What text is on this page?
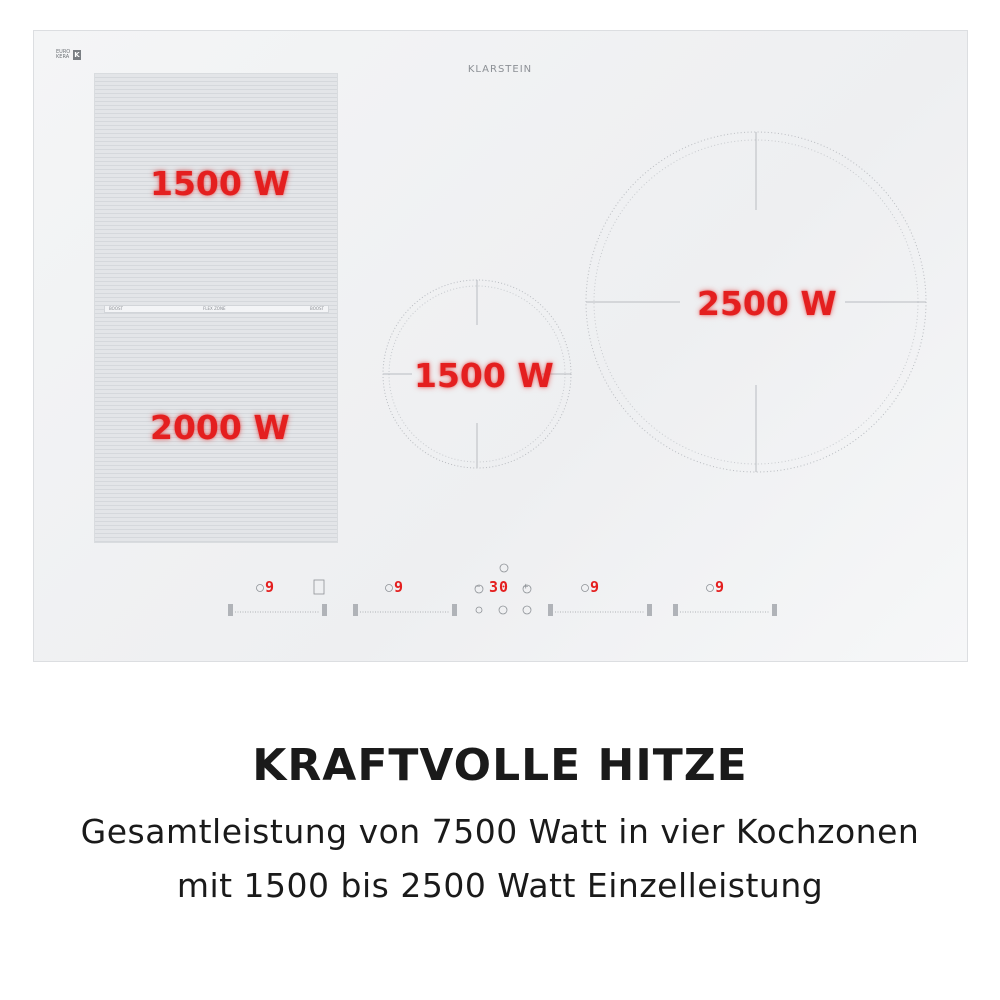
EURO KERA K
KLARSTEIN
BOOST	FLEX ZONE	BOOST
1500 W
2000 W
1500 W
2500 W
9	9	9	9
30
−	+
KRAFTVOLLE HITZE
Gesamtleistung von 7500 Watt in vier Kochzonen
mit 1500 bis 2500 Watt Einzelleistung
